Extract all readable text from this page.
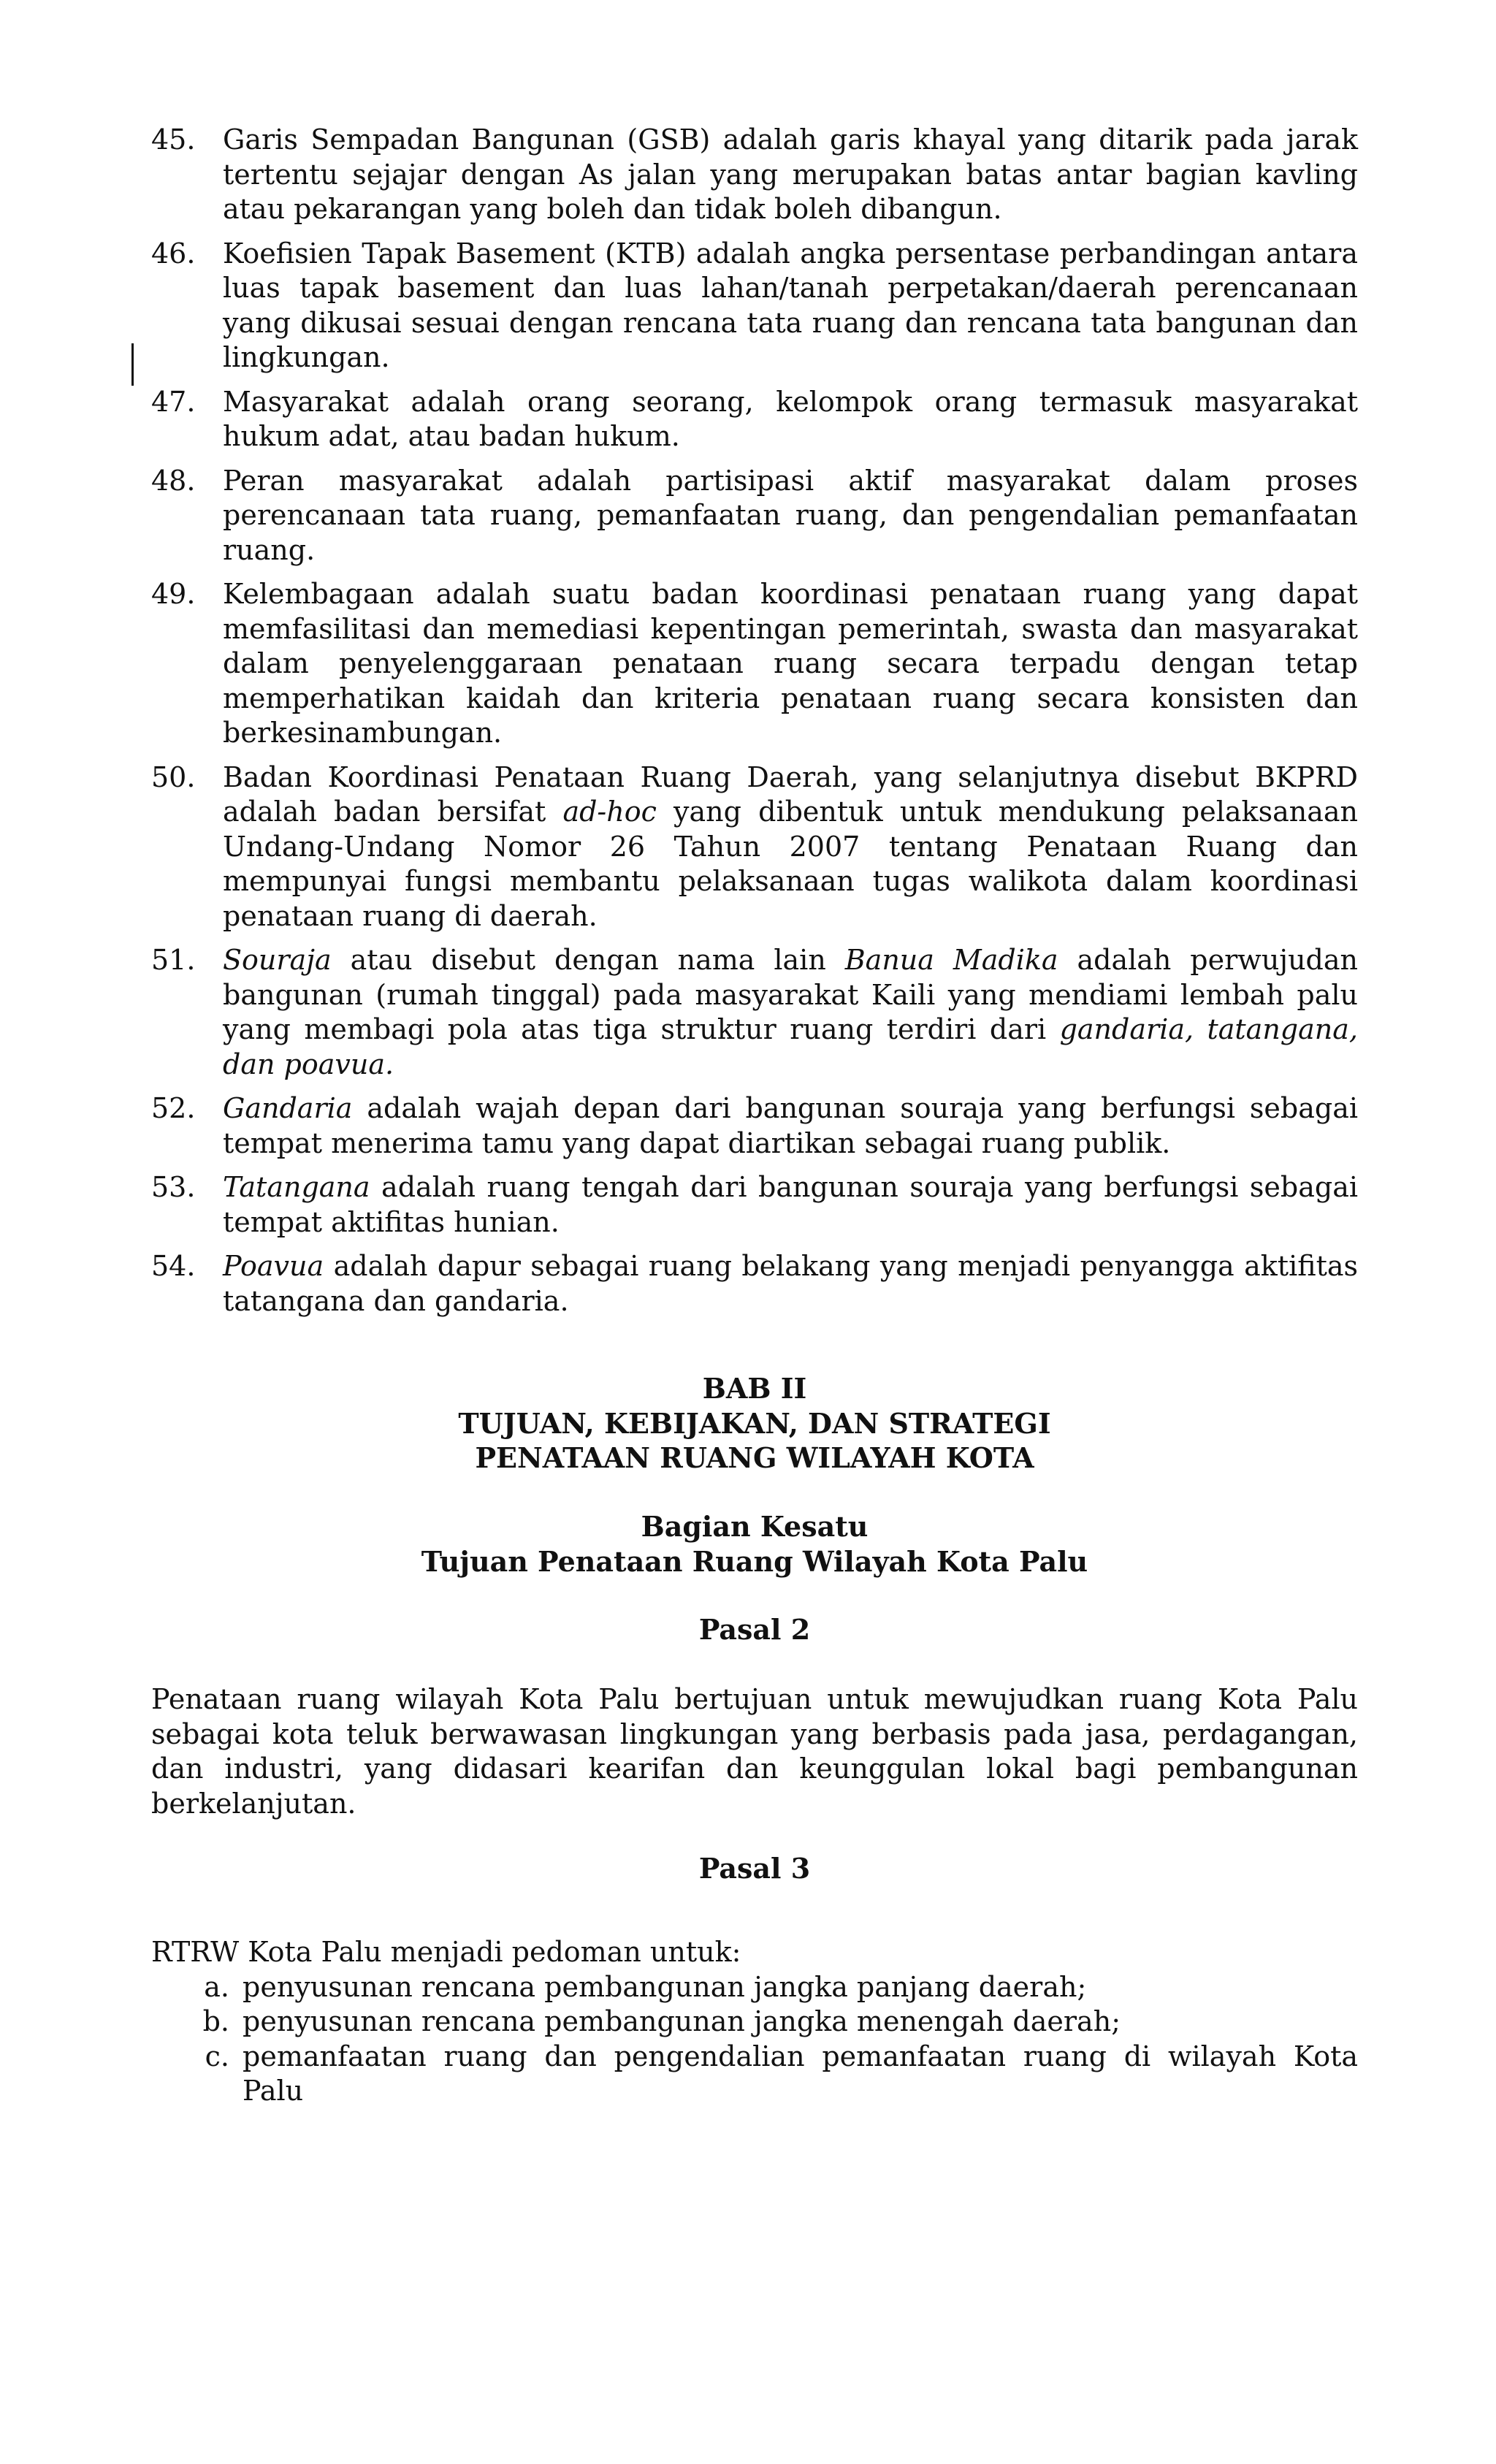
45. Garis Sempadan Bangunan (GSB) adalah garis khayal yang ditarik pada jarak tertentu sejajar dengan As jalan yang merupakan batas antar bagian kavling atau pekarangan yang boleh dan tidak boleh dibangun.
46. Koefisien Tapak Basement (KTB) adalah angka persentase perbandingan antara luas tapak basement dan luas lahan/tanah perpetakan/daerah perencanaan yang dikusai sesuai dengan rencana tata ruang dan rencana tata bangunan dan lingkungan.
47. Masyarakat adalah orang seorang, kelompok orang termasuk masyarakat hukum adat, atau badan hukum.
48. Peran masyarakat adalah partisipasi aktif masyarakat dalam proses perencanaan tata ruang, pemanfaatan ruang, dan pengendalian pemanfaatan ruang.
49. Kelembagaan adalah suatu badan koordinasi penataan ruang yang dapat memfasilitasi dan memediasi kepentingan pemerintah, swasta dan masyarakat dalam penyelenggaraan penataan ruang secara terpadu dengan tetap memperhatikan kaidah dan kriteria penataan ruang secara konsisten dan berkesinambungan.
50. Badan Koordinasi Penataan Ruang Daerah, yang selanjutnya disebut BKPRD adalah badan bersifat ad-hoc yang dibentuk untuk mendukung pelaksanaan Undang-Undang Nomor 26 Tahun 2007 tentang Penataan Ruang dan mempunyai fungsi membantu pelaksanaan tugas walikota dalam koordinasi penataan ruang di daerah.
51. Souraja atau disebut dengan nama lain Banua Madika adalah perwujudan bangunan (rumah tinggal) pada masyarakat Kaili yang mendiami lembah palu yang membagi pola atas tiga struktur ruang terdiri dari gandaria, tatangana, dan poavua.
52. Gandaria adalah wajah depan dari bangunan souraja yang berfungsi sebagai tempat menerima tamu yang dapat diartikan sebagai ruang publik.
53. Tatangana adalah ruang tengah dari bangunan souraja yang berfungsi sebagai tempat aktifitas hunian.
54. Poavua adalah dapur sebagai ruang belakang yang menjadi penyangga aktifitas tatangana dan gandaria.
BAB II
TUJUAN, KEBIJAKAN, DAN STRATEGI
PENATAAN RUANG WILAYAH KOTA
Bagian Kesatu
Tujuan Penataan Ruang Wilayah Kota Palu
Pasal 2
Penataan ruang wilayah Kota Palu bertujuan untuk mewujudkan ruang Kota Palu sebagai kota teluk berwawasan lingkungan yang berbasis pada jasa, perdagangan, dan industri, yang didasari kearifan dan keunggulan lokal bagi pembangunan berkelanjutan.
Pasal 3
RTRW Kota Palu menjadi pedoman untuk:
a. penyusunan rencana pembangunan jangka panjang daerah;
b. penyusunan rencana pembangunan jangka menengah daerah;
c. pemanfaatan ruang dan pengendalian pemanfaatan ruang di wilayah Kota Palu
